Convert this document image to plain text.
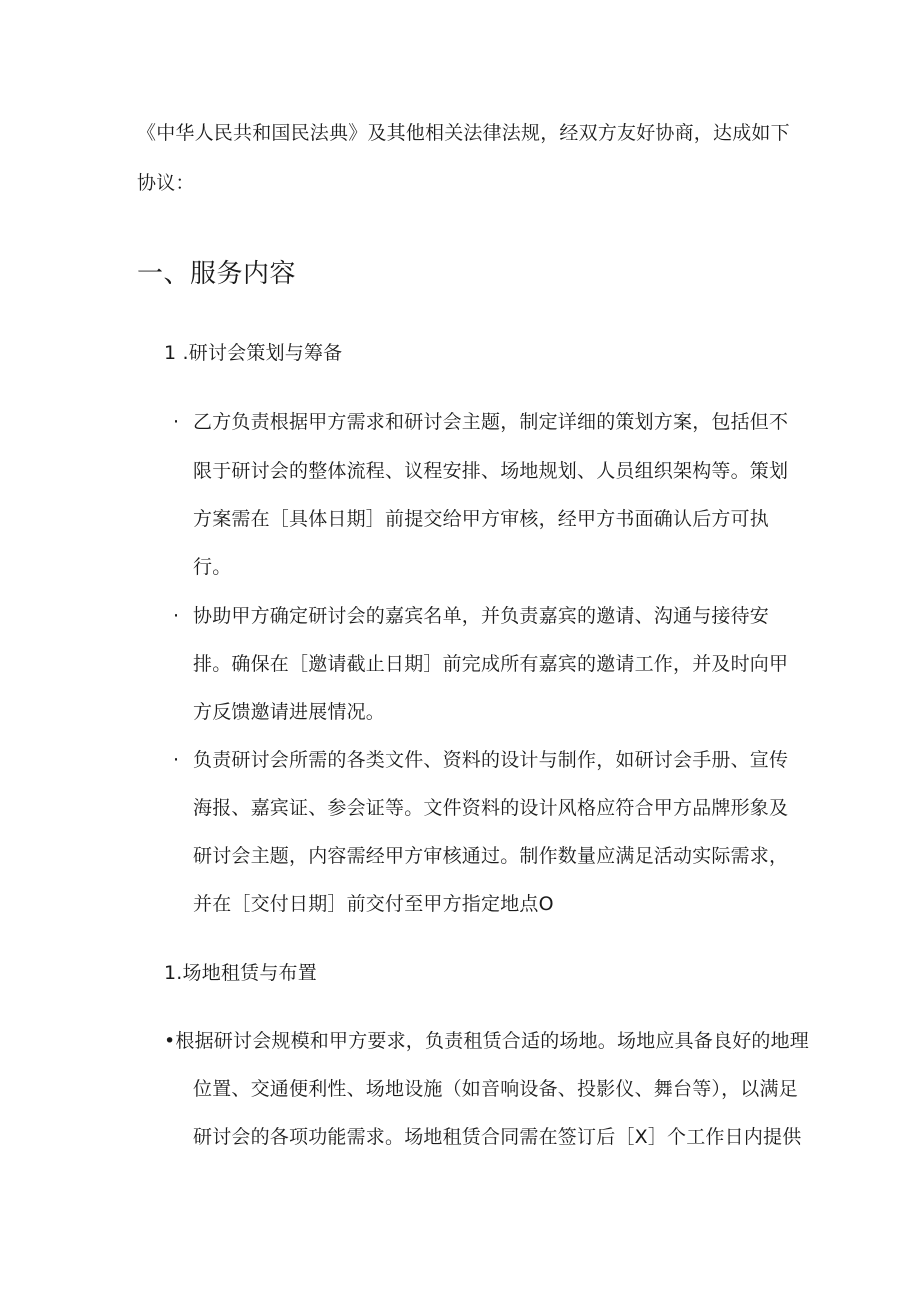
《中华人民共和国民法典》及其他相关法律法规，经双方友好协商，达成如下
协议：
一、服务内容
1 .研讨会策划与筹备
· 乙方负责根据甲方需求和研讨会主题，制定详细的策划方案，包括但不
限于研讨会的整体流程、议程安排、场地规划、人员组织架构等。策划
方案需在［具体日期］前提交给甲方审核，经甲方书面确认后方可执
行。
· 协助甲方确定研讨会的嘉宾名单，并负责嘉宾的邀请、沟通与接待安
排。确保在［邀请截止日期］前完成所有嘉宾的邀请工作，并及时向甲
方反馈邀请进展情况。
· 负责研讨会所需的各类文件、资料的设计与制作，如研讨会手册、宣传
海报、嘉宾证、参会证等。文件资料的设计风格应符合甲方品牌形象及
研讨会主题，内容需经甲方审核通过。制作数量应满足活动实际需求，
并在［交付日期］前交付至甲方指定地点O
1.场地租赁与布置
•根据研讨会规模和甲方要求，负责租赁合适的场地。场地应具备良好的地理
位置、交通便利性、场地设施（如音响设备、投影仪、舞台等），以满足
研讨会的各项功能需求。场地租赁合同需在签订后［X］个工作日内提供
